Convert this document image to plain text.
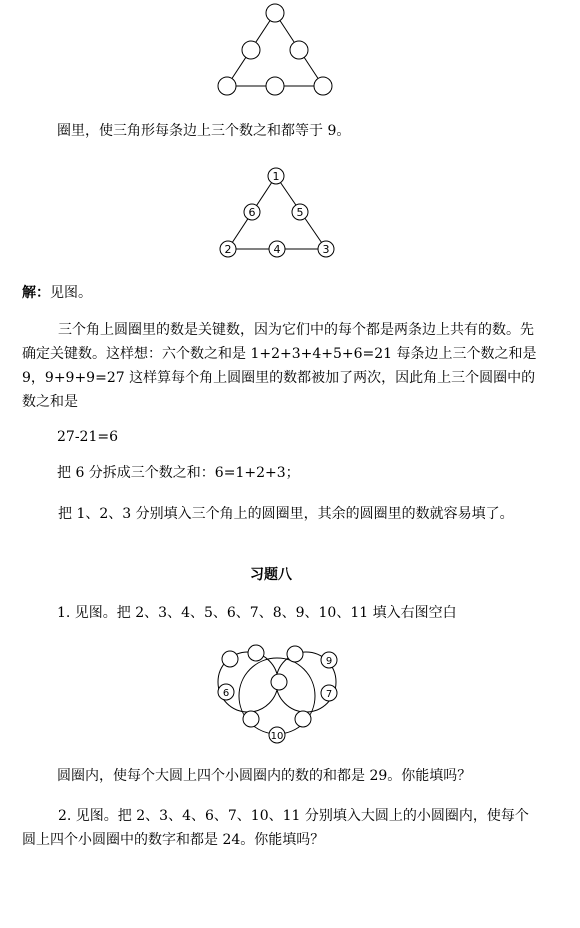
圈里，使三角形每条边上三个数之和都等于 9。
1
6	5
2	4	3
解：见图。
三个角上圆圈里的数是关键数，因为它们中的每个都是两条边上共有的数。先确定关键数。这样想：六个数之和是 1+2+3+4+5+6=21 每条边上三个数之和是 9，9+9+9=27 这样算每个角上圆圈里的数都被加了两次，因此角上三个圆圈中的数之和是
27-21=6
把 6 分拆成三个数之和：6=1+2+3；
把 1、2、3 分别填入三个角上的圆圈里，其余的圆圈里的数就容易填了。
习题八
1. 见图。把 2、3、4、5、6、7、8、9、10、11 填入右图空白
9
6	7
10
圆圈内，使每个大圆上四个小圆圈内的数的和都是 29。你能填吗？
2. 见图。把 2、3、4、6、7、10、11 分别填入大圆上的小圆圈内，使每个圆上四个小圆圈中的数字和都是 24。你能填吗？
